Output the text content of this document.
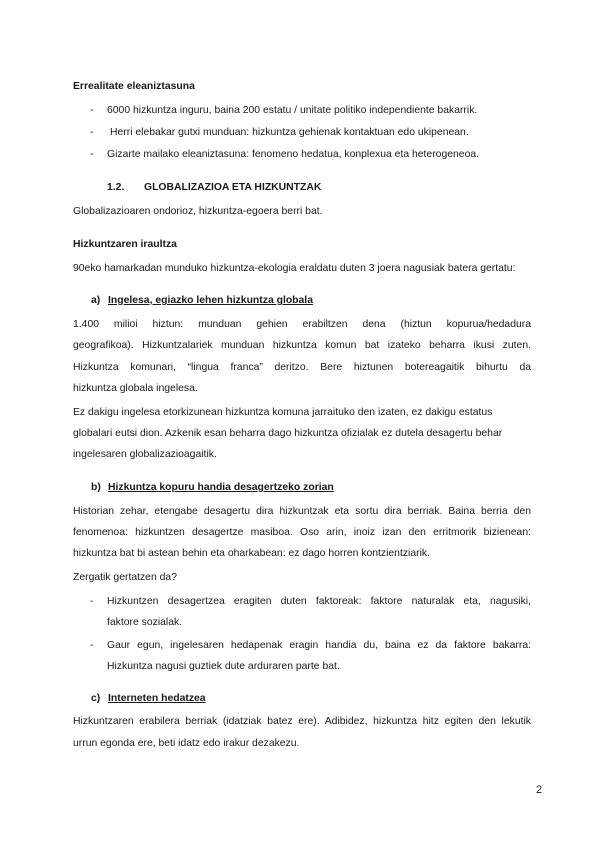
Errealitate eleaniztasuna
- 6000 hizkuntza inguru, baina 200 estatu / unitate politiko independiente bakarrik.
- Herri elebakar gutxi munduan: hizkuntza gehienak kontaktuan edo ukipenean.
- Gizarte mailako eleaniztasuna: fenomeno hedatua, konplexua eta heterogeneoa.
1.2. GLOBALIZAZIOA ETA HIZKUNTZAK
Globalizazioaren ondorioz, hizkuntza-egoera berri bat.
Hizkuntzaren iraultza
90eko hamarkadan munduko hizkuntza-ekologia eraldatu duten 3 joera nagusiak batera gertatu:
a) Ingelesa, egiazko lehen hizkuntza globala
1.400 milioi hiztun: munduan gehien erabiltzen dena (hiztun kopurua/hedadura
geografikoa). Hizkuntzalariek munduan hizkuntza komun bat izateko beharra ikusi zuten.
Hizkuntza komunari, “lingua franca” deritzo. Bere hiztunen botereagaitik bihurtu da
hizkuntza globala ingelesa.
Ez dakigu ingelesa etorkizunean hizkuntza komuna jarraituko den izaten, ez dakigu estatus
globalari eutsi dion. Azkenik esan beharra dago hizkuntza ofizialak ez dutela desagertu behar
ingelesaren globalizazioagaitik.
b) Hizkuntza kopuru handia desagertzeko zorian
Historian zehar, etengabe desagertu dira hizkuntzak eta sortu dira berriak. Baina berria den
fenomenoa: hizkuntzen desagertze masiboa. Oso arin, inoiz izan den erritmorik bizienean:
hizkuntza bat bi astean behin eta oharkabean: ez dago horren kontzientziarik.
Zergatik gertatzen da?
- Hizkuntzen desagertzea eragiten duten faktoreak: faktore naturalak eta, nagusiki,
faktore sozialak.
- Gaur egun, ingelesaren hedapenak eragin handia du, baina ez da faktore bakarra:
Hizkuntza nagusi guztiek dute arduraren parte bat.
c) Interneten hedatzea
Hizkuntzaren erabilera berriak (idatziak batez ere). Adibidez, hizkuntza hitz egiten den lekutik
urrun egonda ere, beti idatz edo irakur dezakezu.
2
